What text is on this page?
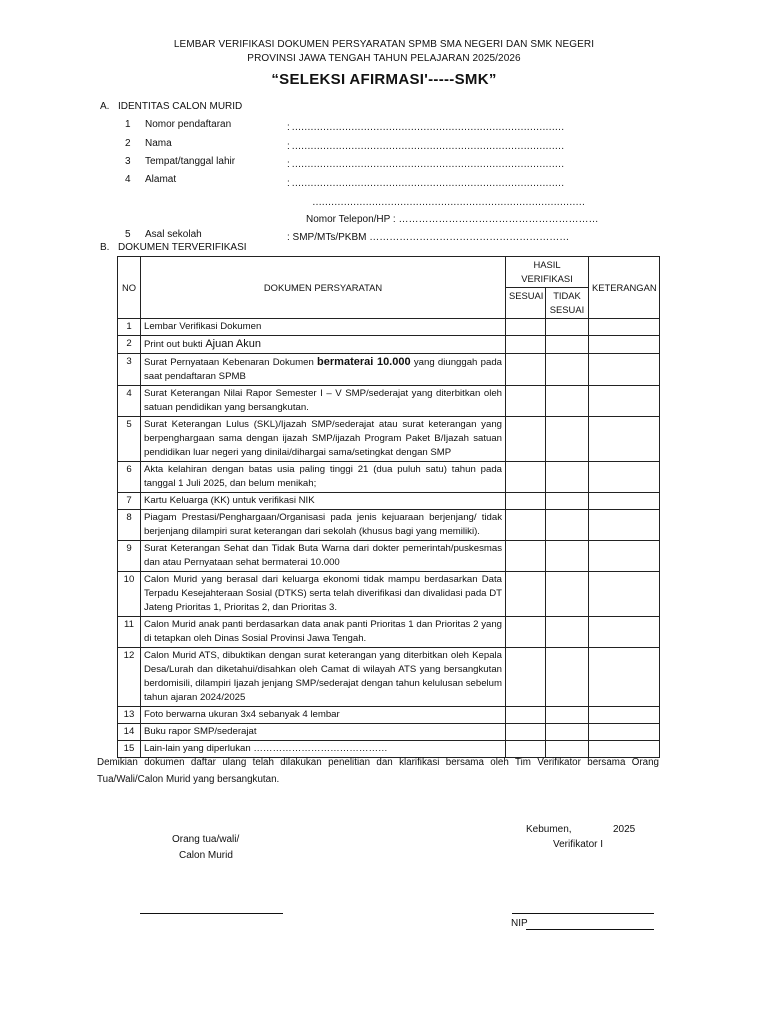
LEMBAR VERIFIKASI DOKUMEN PERSYARATAN SPMB SMA NEGERI DAN SMK NEGERI
PROVINSI JAWA TENGAH TAHUN PELAJARAN 2025/2026
“SELEKSI AFIRMASI'-----SMK”
A. IDENTITAS CALON MURID
1 Nomor pendaftaran	: ……………………………………………………………………………
2 Nama	: ……………………………………………………………………………
3 Tempat/tanggal lahir	: ……………………………………………………………………………
4 Alamat	: ……………………………………………………………………………
……………………………………………………………………………
Nomor Telepon/HP : ……………………………………………………
5 Asal sekolah	: SMP/MTs/PKBM ……………………………………………………
B. DOKUMEN TERVERIFIKASI
NO	DOKUMEN PERSYARATAN	HASIL VERIFIKASI		KETERANGAN
		SESUAI	TIDAK SESUAI	
1	Lembar Verifikasi Dokumen			
2	Print out bukti Ajuan Akun			
3	Surat Pernyataan Kebenaran Dokumen bermaterai 10.000 yang diunggah pada saat pendaftaran SPMB			
4	Surat Keterangan Nilai Rapor Semester I – V SMP/sederajat yang diterbitkan oleh satuan pendidikan yang bersangkutan.			
5	Surat Keterangan Lulus (SKL)/Ijazah SMP/sederajat atau surat keterangan yang berpenghargaan sama dengan ijazah SMP/ijazah Program Paket B/Ijazah satuan pendidikan luar negeri yang dinilai/dihargai sama/setingkat dengan SMP			
6	Akta kelahiran dengan batas usia paling tinggi 21 (dua puluh satu) tahun pada tanggal 1 Juli 2025, dan belum menikah;			
7	Kartu Keluarga (KK) untuk verifikasi NIK			
8	Piagam Prestasi/Penghargaan/Organisasi pada jenis kejuaraan berjenjang/ tidak berjenjang dilampiri surat keterangan dari sekolah (khusus bagi yang memiliki).			
9	Surat Keterangan Sehat dan Tidak Buta Warna dari dokter pemerintah/puskesmas dan atau Pernyataan sehat bermaterai 10.000			
10	Calon Murid yang berasal dari keluarga ekonomi tidak mampu berdasarkan Data Terpadu Kesejahteraan Sosial (DTKS) serta telah diverifikasi dan divalidasi pada DT Jateng Prioritas 1, Prioritas 2, dan Prioritas 3.			
11	Calon Murid anak panti berdasarkan data anak panti Prioritas 1 dan Prioritas 2 yang di tetapkan oleh Dinas Sosial Provinsi Jawa Tengah.			
12	Calon Murid ATS, dibuktikan dengan surat keterangan yang diterbitkan oleh Kepala Desa/Lurah dan diketahui/disahkan oleh Camat di wilayah ATS yang bersangkutan berdomisili, dilampiri Ijazah jenjang SMP/sederajat dengan tahun kelulusan sebelum tahun ajaran 2024/2025			
13	Foto berwarna ukuran 3x4 sebanyak 4 lembar			
14	Buku rapor SMP/sederajat			
15	Lain-lain yang diperlukan ……………………………………			
Demikian dokumen daftar ulang telah dilakukan penelitian dan klarifikasi bersama oleh Tim Verifikator bersama Orang Tua/Wali/Calon Murid yang bersangkutan.
Orang tua/wali/
Calon Murid
Kebumen,	2025
Verifikator I
NIP
